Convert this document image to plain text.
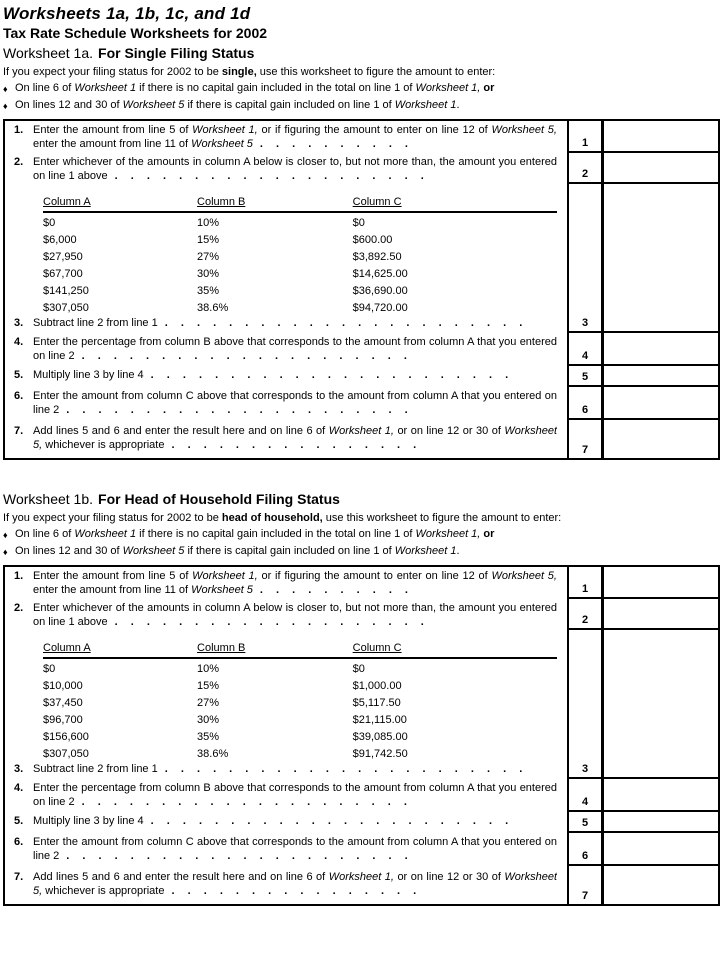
Worksheets 1a, 1b, 1c, and 1d
Tax Rate Schedule Worksheets for 2002
Worksheet 1a. For Single Filing Status

If you expect your filing status for 2002 to be single, use this worksheet to figure the amount to enter:

♦ On line 6 of Worksheet 1 if there is no capital gain included in the total on line 1 of Worksheet 1, or
♦ On lines 12 and 30 of Worksheet 5 if there is capital gain included on line 1 of Worksheet 1.
1. Enter the amount from line 5 of Worksheet 1, or if figuring the amount to enter on line 12 of Worksheet 5, enter the amount from line 11 of Worksheet 5 . . . . . . . . . .	1
2. Enter whichever of the amounts in column A below is closer to, but not more than, the amount you entered on line 1 above . . . . . . . . . . . . . . . . . . . .	2
Column A	Column B	Column C
$0	10%	$0
$6,000	15%	$600.00
$27,950	27%	$3,892.50
$67,700	30%	$14,625.00
$141,250	35%	$36,690.00
$307,050	38.6%	$94,720.00
3. Subtract line 2 from line 1 . . . . . . . . . . . . . . . . . . . . . . .	3
4. Enter the percentage from column B above that corresponds to the amount from column A that you entered on line 2 . . . . . . . . . . . . . . . . . . . . .	4
5. Multiply line 3 by line 4 . . . . . . . . . . . . . . . . . . . . . . .	5
6. Enter the amount from column C above that corresponds to the amount from column A that you entered on line 2 . . . . . . . . . . . . . . . . . . . . . .	6
7. Add lines 5 and 6 and enter the result here and on line 6 of Worksheet 1, or on line 12 or 30 of Worksheet 5, whichever is appropriate . . . . . . . . . . . . . . . .	7
Worksheet 1b. For Head of Household Filing Status

If you expect your filing status for 2002 to be head of household, use this worksheet to figure the amount to enter:

♦ On line 6 of Worksheet 1 if there is no capital gain included in the total on line 1 of Worksheet 1, or
♦ On lines 12 and 30 of Worksheet 5 if there is capital gain included on line 1 of Worksheet 1.
1. Enter the amount from line 5 of Worksheet 1, or if figuring the amount to enter on line 12 of Worksheet 5, enter the amount from line 11 of Worksheet 5 . . . . . . . . . .	1
2. Enter whichever of the amounts in column A below is closer to, but not more than, the amount you entered on line 1 above . . . . . . . . . . . . . . . . . . . .	2
Column A	Column B	Column C
$0	10%	$0
$10,000	15%	$1,000.00
$37,450	27%	$5,117.50
$96,700	30%	$21,115.00
$156,600	35%	$39,085.00
$307,050	38.6%	$91,742.50
3. Subtract line 2 from line 1 . . . . . . . . . . . . . . . . . . . . . . .	3
4. Enter the percentage from column B above that corresponds to the amount from column A that you entered on line 2 . . . . . . . . . . . . . . . . . . . . .	4
5. Multiply line 3 by line 4 . . . . . . . . . . . . . . . . . . . . . . .	5
6. Enter the amount from column C above that corresponds to the amount from column A that you entered on line 2 . . . . . . . . . . . . . . . . . . . . . .	6
7. Add lines 5 and 6 and enter the result here and on line 6 of Worksheet 1, or on line 12 or 30 of Worksheet 5, whichever is appropriate . . . . . . . . . . . . . . . .	7
